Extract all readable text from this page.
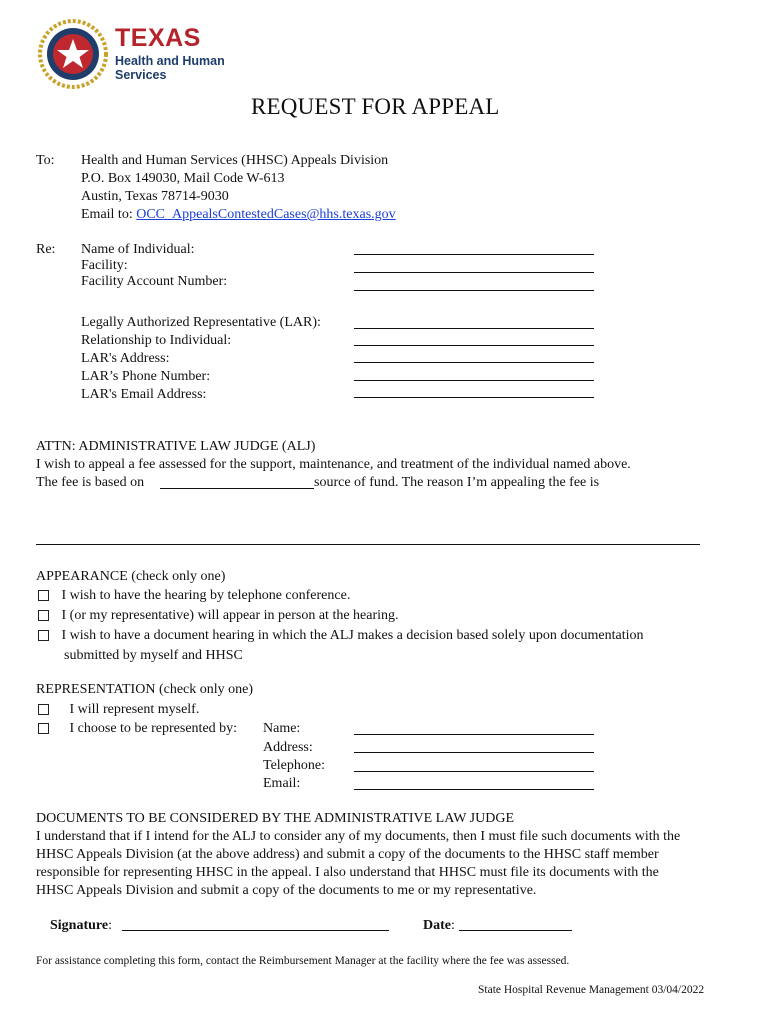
TEXAS
Health and Human
Services
REQUEST FOR APPEAL
To: Health and Human Services (HHSC) Appeals Division
P.O. Box 149030, Mail Code W-613
Austin, Texas 78714-9030
Email to: OCC_AppealsContestedCases@hhs.texas.gov
Re: Name of Individual:
Facility:
Facility Account Number:
Legally Authorized Representative (LAR):
Relationship to Individual:
LAR's Address:
LAR’s Phone Number:
LAR's Email Address:
ATTN: ADMINISTRATIVE LAW JUDGE (ALJ)
I wish to appeal a fee assessed for the support, maintenance, and treatment of the individual named above.
The fee is based on	source of fund. The reason I’m appealing the fee is
APPEARANCE (check only one)
I wish to have the hearing by telephone conference.
I (or my representative) will appear in person at the hearing.
I wish to have a document hearing in which the ALJ makes a decision based solely upon documentation
submitted by myself and HHSC
REPRESENTATION (check only one)
I will represent myself.
I choose to be represented by: Name:
Address:
Telephone:
Email:
DOCUMENTS TO BE CONSIDERED BY THE ADMINISTRATIVE LAW JUDGE
I understand that if I intend for the ALJ to consider any of my documents, then I must file such documents with the
HHSC Appeals Division (at the above address) and submit a copy of the documents to the HHSC staff member
responsible for representing HHSC in the appeal. I also understand that HHSC must file its documents with the
HHSC Appeals Division and submit a copy of the documents to me or my representative.
Signature:	Date:
For assistance completing this form, contact the Reimbursement Manager at the facility where the fee was assessed.
State Hospital Revenue Management 03/04/2022
